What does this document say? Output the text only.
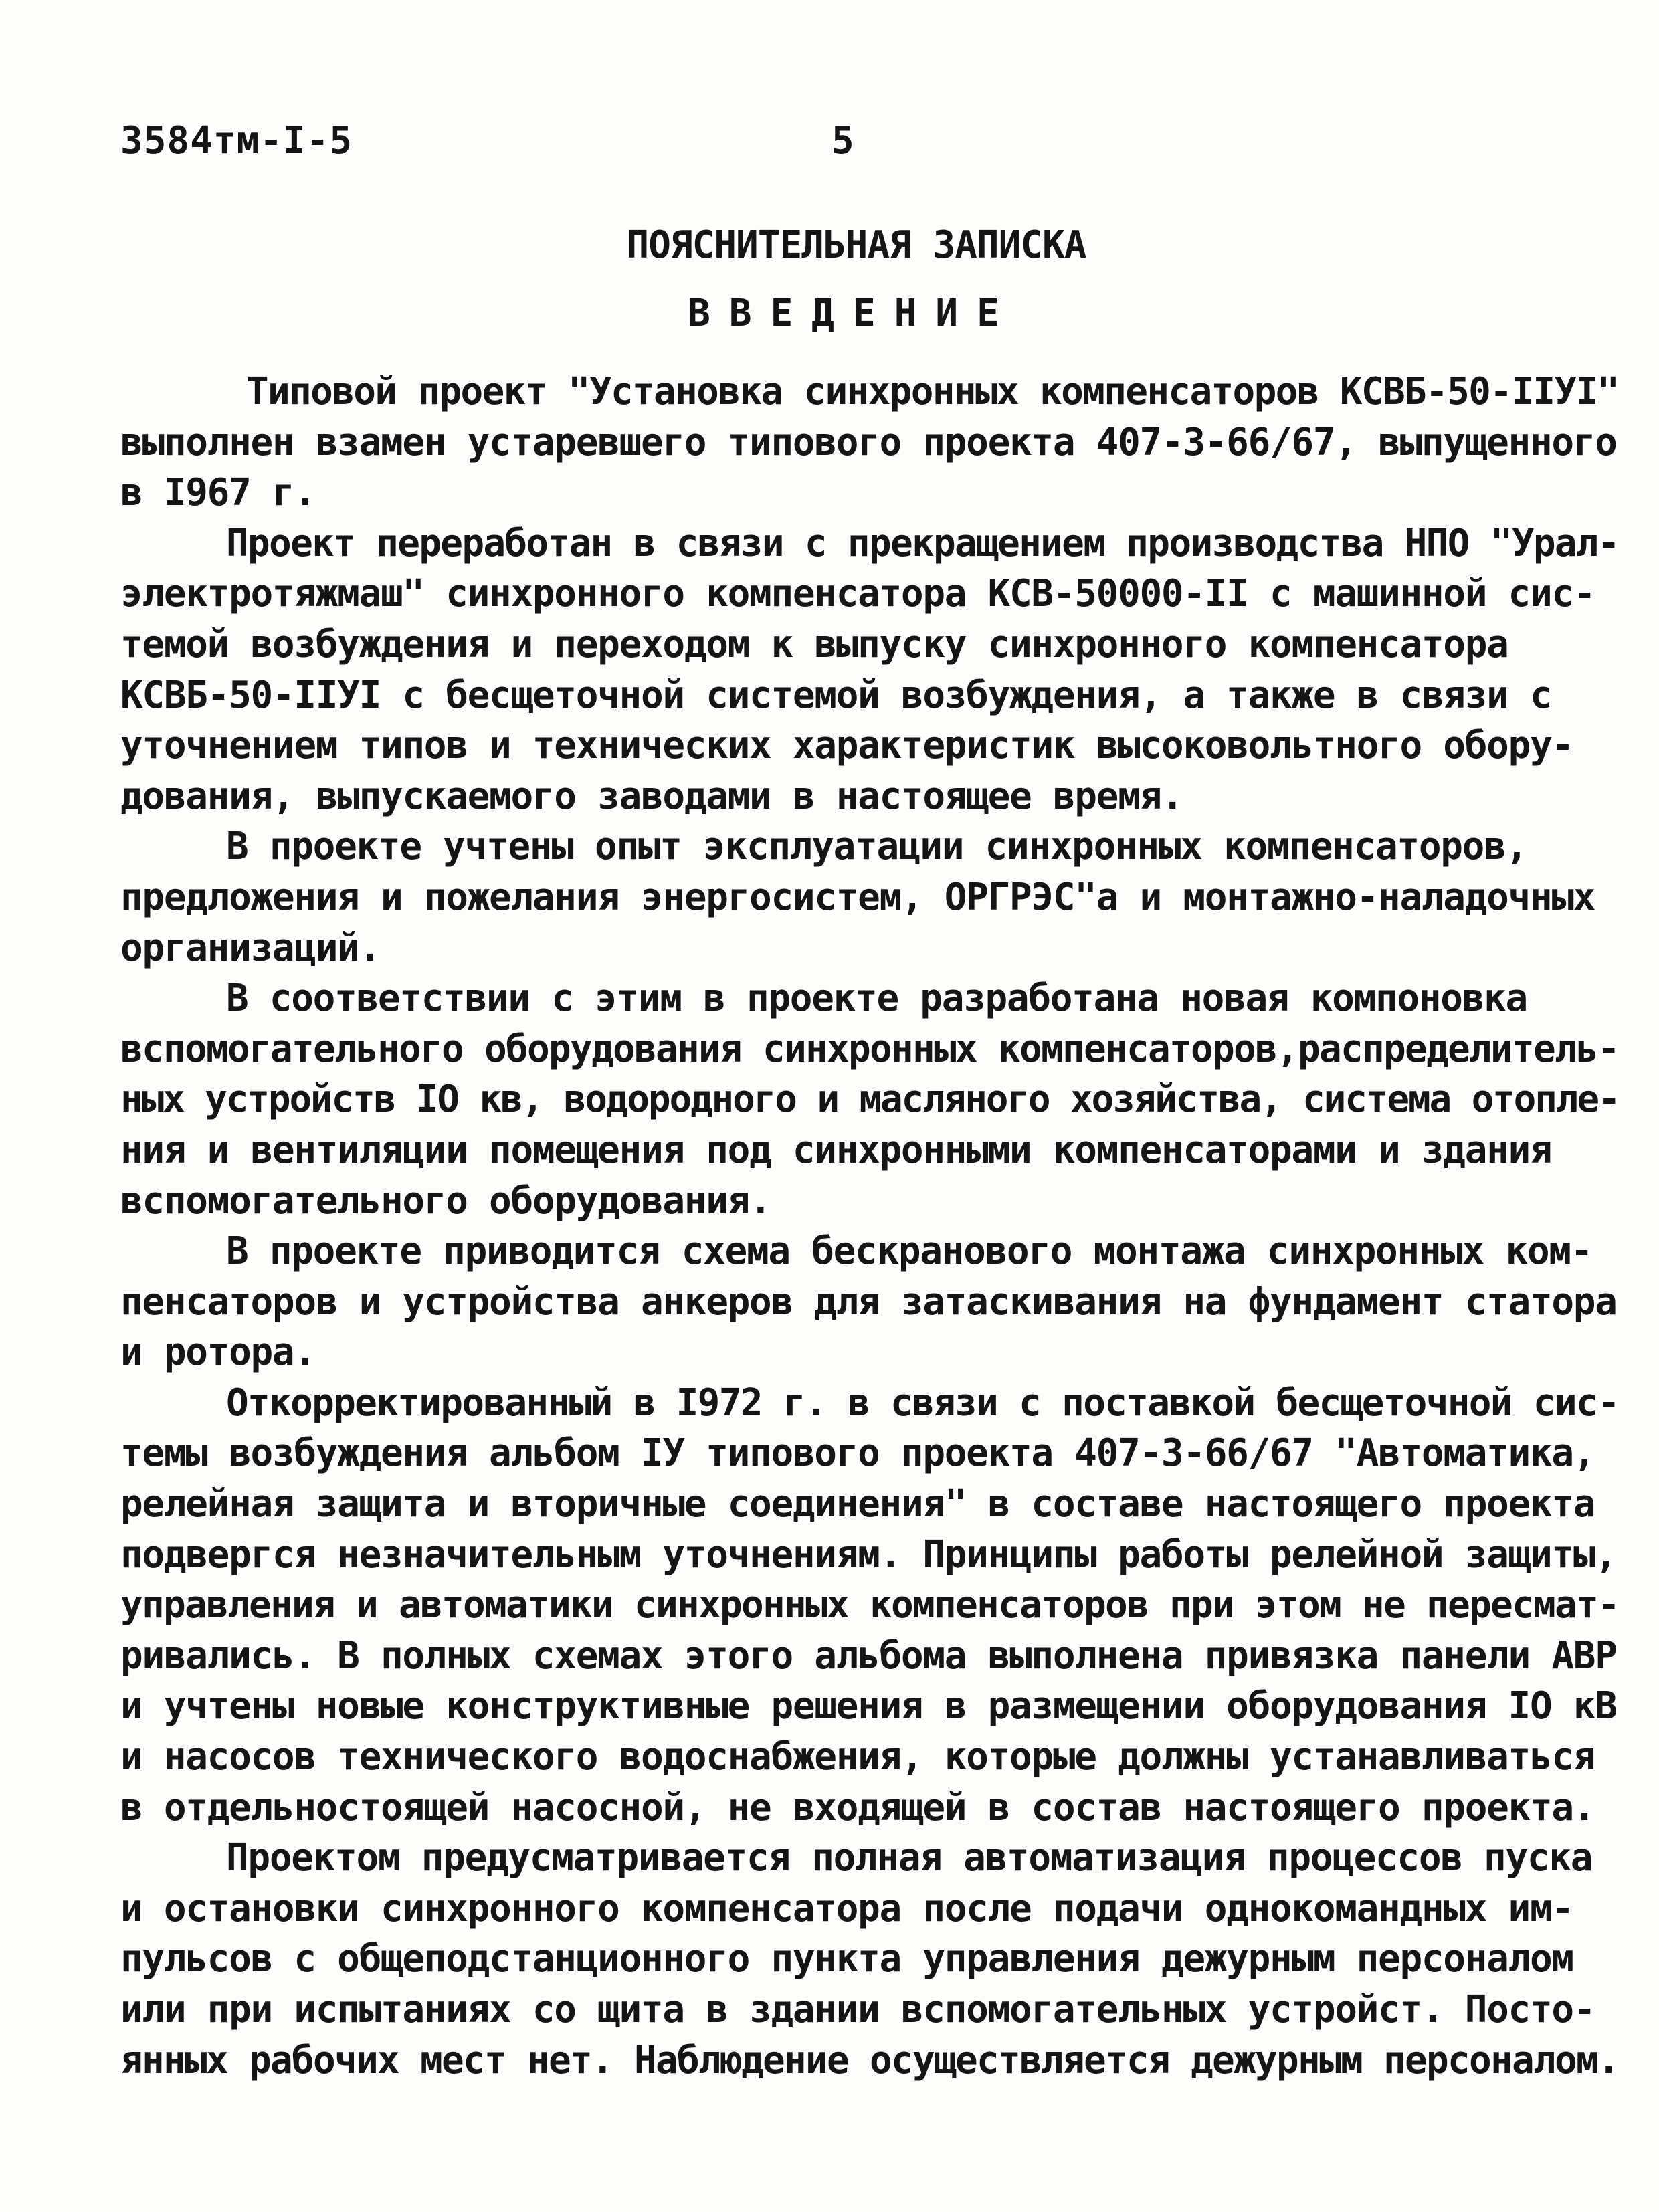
3584тм-I-5	5
ПОЯСНИТЕЛЬНАЯ ЗАПИСКА
ВВЕДЕНИЕ
Типовой проект "Установка синхронных компенсаторов КСВБ-50-IIУI"
выполнен взамен устаревшего типового проекта 407-3-66/67, выпущенного
в I967 г.
Проект переработан в связи с прекращением производства НПО "Урал-
электротяжмаш" синхронного компенсатора КСВ-50000-II с машинной сис-
темой возбуждения и переходом к выпуску синхронного компенсатора
КСВБ-50-IIУI с бесщеточной системой возбуждения, а также в связи с
уточнением типов и технических характеристик высоковольтного обору-
дования, выпускаемого заводами в настоящее время.
В проекте учтены опыт эксплуатации синхронных компенсаторов,
предложения и пожелания энергосистем, ОРГРЭС"а и монтажно-наладочных
организаций.
В соответствии с этим в проекте разработана новая компоновка
вспомогательного оборудования синхронных компенсаторов,распределитель-
ных устройств IО кв, водородного и масляного хозяйства, система отопле-
ния и вентиляции помещения под синхронными компенсаторами и здания
вспомогательного оборудования.
В проекте приводится схема бескранового монтажа синхронных ком-
пенсаторов и устройства анкеров для затаскивания на фундамент статора
и ротора.
Откорректированный в I972 г. в связи с поставкой бесщеточной сис-
темы возбуждения альбом IУ типового проекта 407-3-66/67 "Автоматика,
релейная защита и вторичные соединения" в составе настоящего проекта
подвергся незначительным уточнениям. Принципы работы релейной защиты,
управления и автоматики синхронных компенсаторов при этом не пересмат-
ривались. В полных схемах этого альбома выполнена привязка панели АВР
и учтены новые конструктивные решения в размещении оборудования IО кВ
и насосов технического водоснабжения, которые должны устанавливаться
в отдельностоящей насосной, не входящей в состав настоящего проекта.
Проектом предусматривается полная автоматизация процессов пуска
и остановки синхронного компенсатора после подачи однокомандных им-
пульсов с общеподстанционного пункта управления дежурным персоналом
или при испытаниях со щита в здании вспомогательных устройст. Посто-
янных рабочих мест нет. Наблюдение осуществляется дежурным персоналом.
